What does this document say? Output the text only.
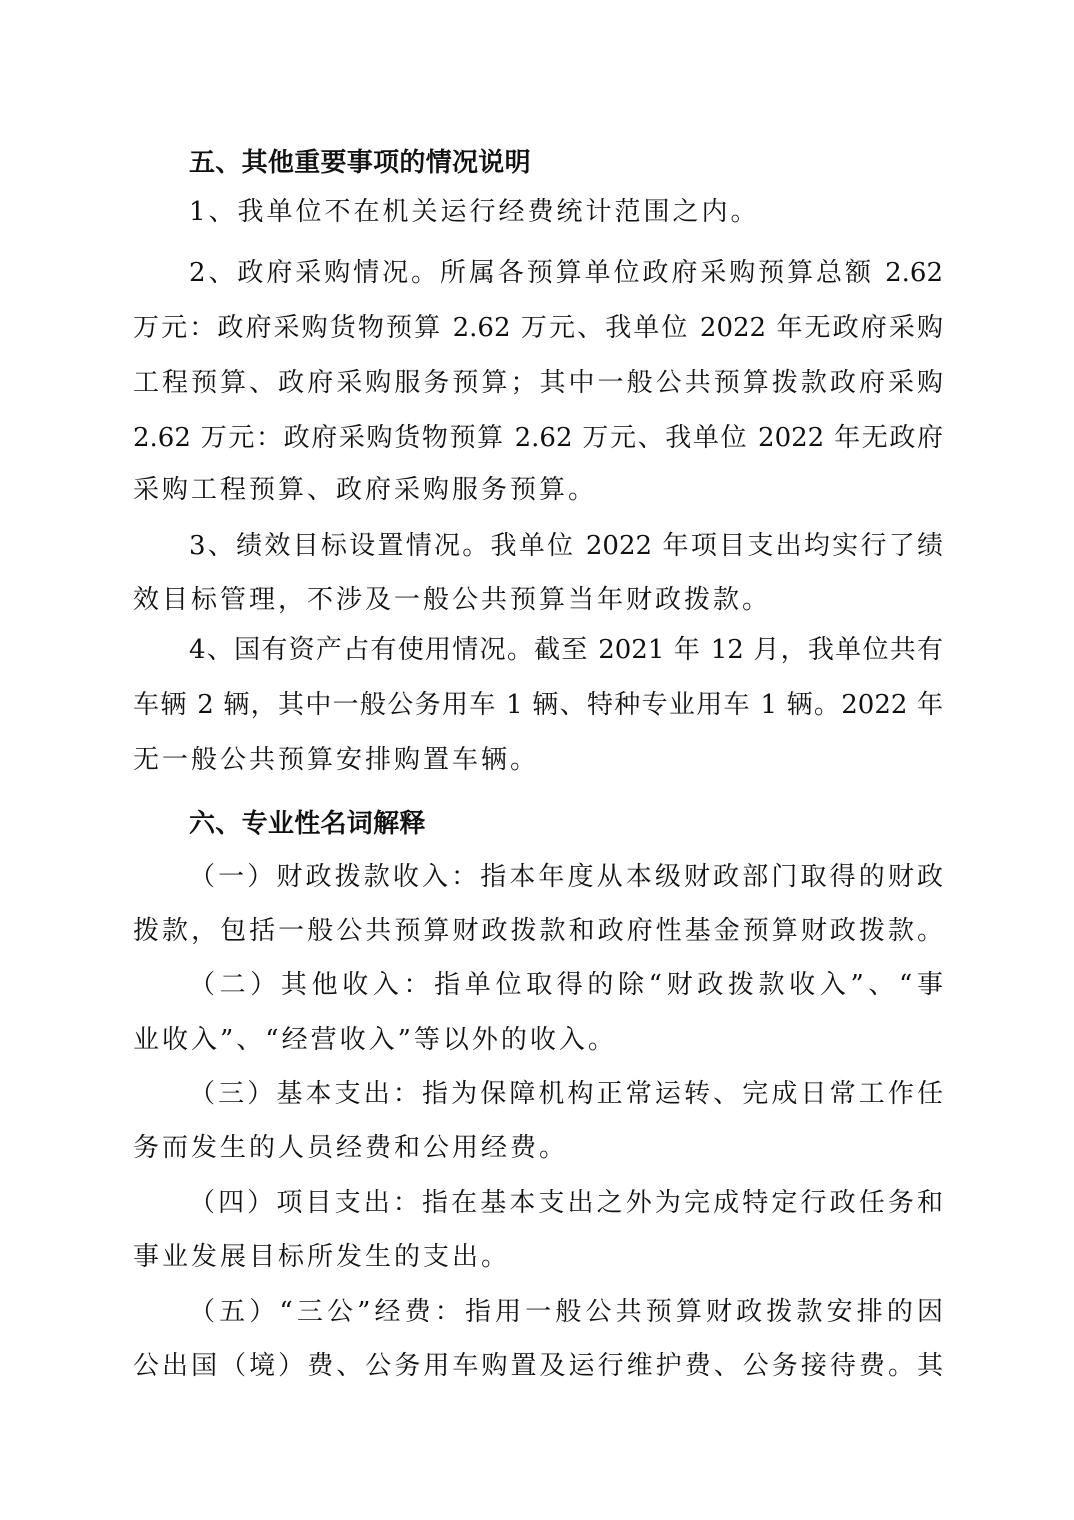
五、其他重要事项的情况说明
1、我单位不在机关运行经费统计范围之内。
2、政府采购情况。所属各预算单位政府采购预算总额 2.62
万元：政府采购货物预算 2.62 万元、我单位 2022 年无政府采购
工程预算、政府采购服务预算；其中一般公共预算拨款政府采购
2.62 万元：政府采购货物预算 2.62 万元、我单位 2022 年无政府
采购工程预算、政府采购服务预算。
3、绩效目标设置情况。我单位 2022 年项目支出均实行了绩
效目标管理，不涉及一般公共预算当年财政拨款。
4、国有资产占有使用情况。截至 2021 年 12 月，我单位共有
车辆 2 辆，其中一般公务用车 1 辆、特种专业用车 1 辆。2022 年
无一般公共预算安排购置车辆。
六、专业性名词解释
（一）财政拨款收入：指本年度从本级财政部门取得的财政
拨款，包括一般公共预算财政拨款和政府性基金预算财政拨款。
（二）其他收入：指单位取得的除“财政拨款收入”、“事
业收入”、“经营收入”等以外的收入。
（三）基本支出：指为保障机构正常运转、完成日常工作任
务而发生的人员经费和公用经费。
（四）项目支出：指在基本支出之外为完成特定行政任务和
事业发展目标所发生的支出。
（五）“三公”经费：指用一般公共预算财政拨款安排的因
公出国（境）费、公务用车购置及运行维护费、公务接待费。其
